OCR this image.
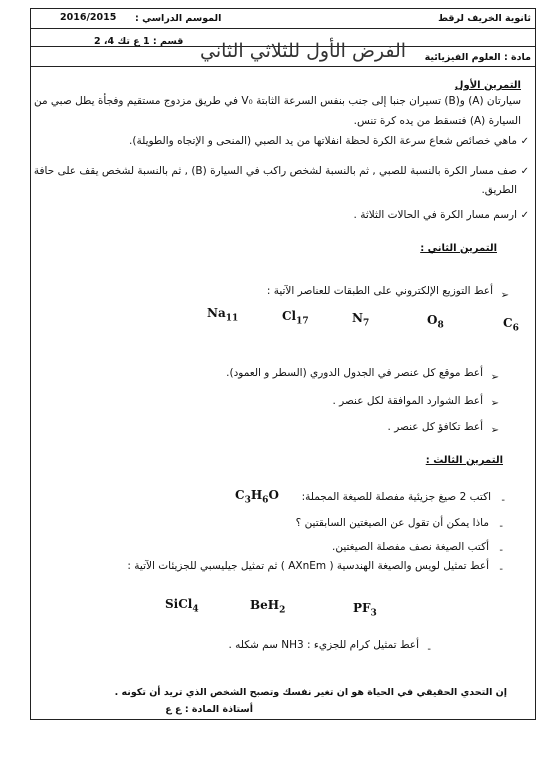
ثانوية الخريف لرقط
2016/2015 الموسم الدراسي :
مادة : العلوم الفيزيائية
الفرض الأول للثلاثي الثاني
قسم : 1 ع تك 4، 2
التمرين الأول
سيارتان (A) و(B) تسيران جنبا إلى جنب بنفس السرعة الثابتة V₀ في طريق مزدوج مستقيم وفجأة يطل صبي من
السيارة (A) فتسقط من يده كرة تنس.
✓
ماهي خصائص شعاع سرعة الكرة لحظة انفلاتها من يد الصبي (المنحى و الإتجاه والطويلة).
✓
صف مسار الكرة بالنسبة للصبي , ثم بالنسبة لشخص راكب في السيارة (B) , ثم بالنسبة لشخص يقف على حافة
الطريق.
✓
ارسم مسار الكرة في الحالات الثلاثة .
التمرين الثاني :
➢
أعط التوزيع الإلكتروني على الطبقات للعناصر الآتية :
$Na_{11}$	$Cl_{17}$	$N_7$	$O_8$	$C_6$
➢
أعط موقع كل عنصر في الجدول الدوري (السطر و العمود).
➢
أعط الشوارد الموافقة لكل عنصر .
➢
أعط تكافؤ كل عنصر .
التمرين الثالث :
-
اكتب 2 صيغ جزيئية مفصلة للصيغة المجملة:
$C_3H_6O$
-
ماذا يمكن أن تقول عن الصيغتين السابقتين ؟
-
أكتب الصيغة نصف مفصلة الصيغتين.
-
أعط تمثيل لويس والصيغة الهندسية ( AXnEm ) ثم تمثيل جيليسبي للجزيئات الآتية :
SiCl$_4$	BeH$_2$	$PF_3$
-
أعط تمثيل كرام للجزيء : NH3 سم شكله .
إن التحدي الحقيقي في الحياة هو ان تغير نفسك وتصبح الشخص الذي تريد أن تكونه .
أستاذة المادة : ع ع
